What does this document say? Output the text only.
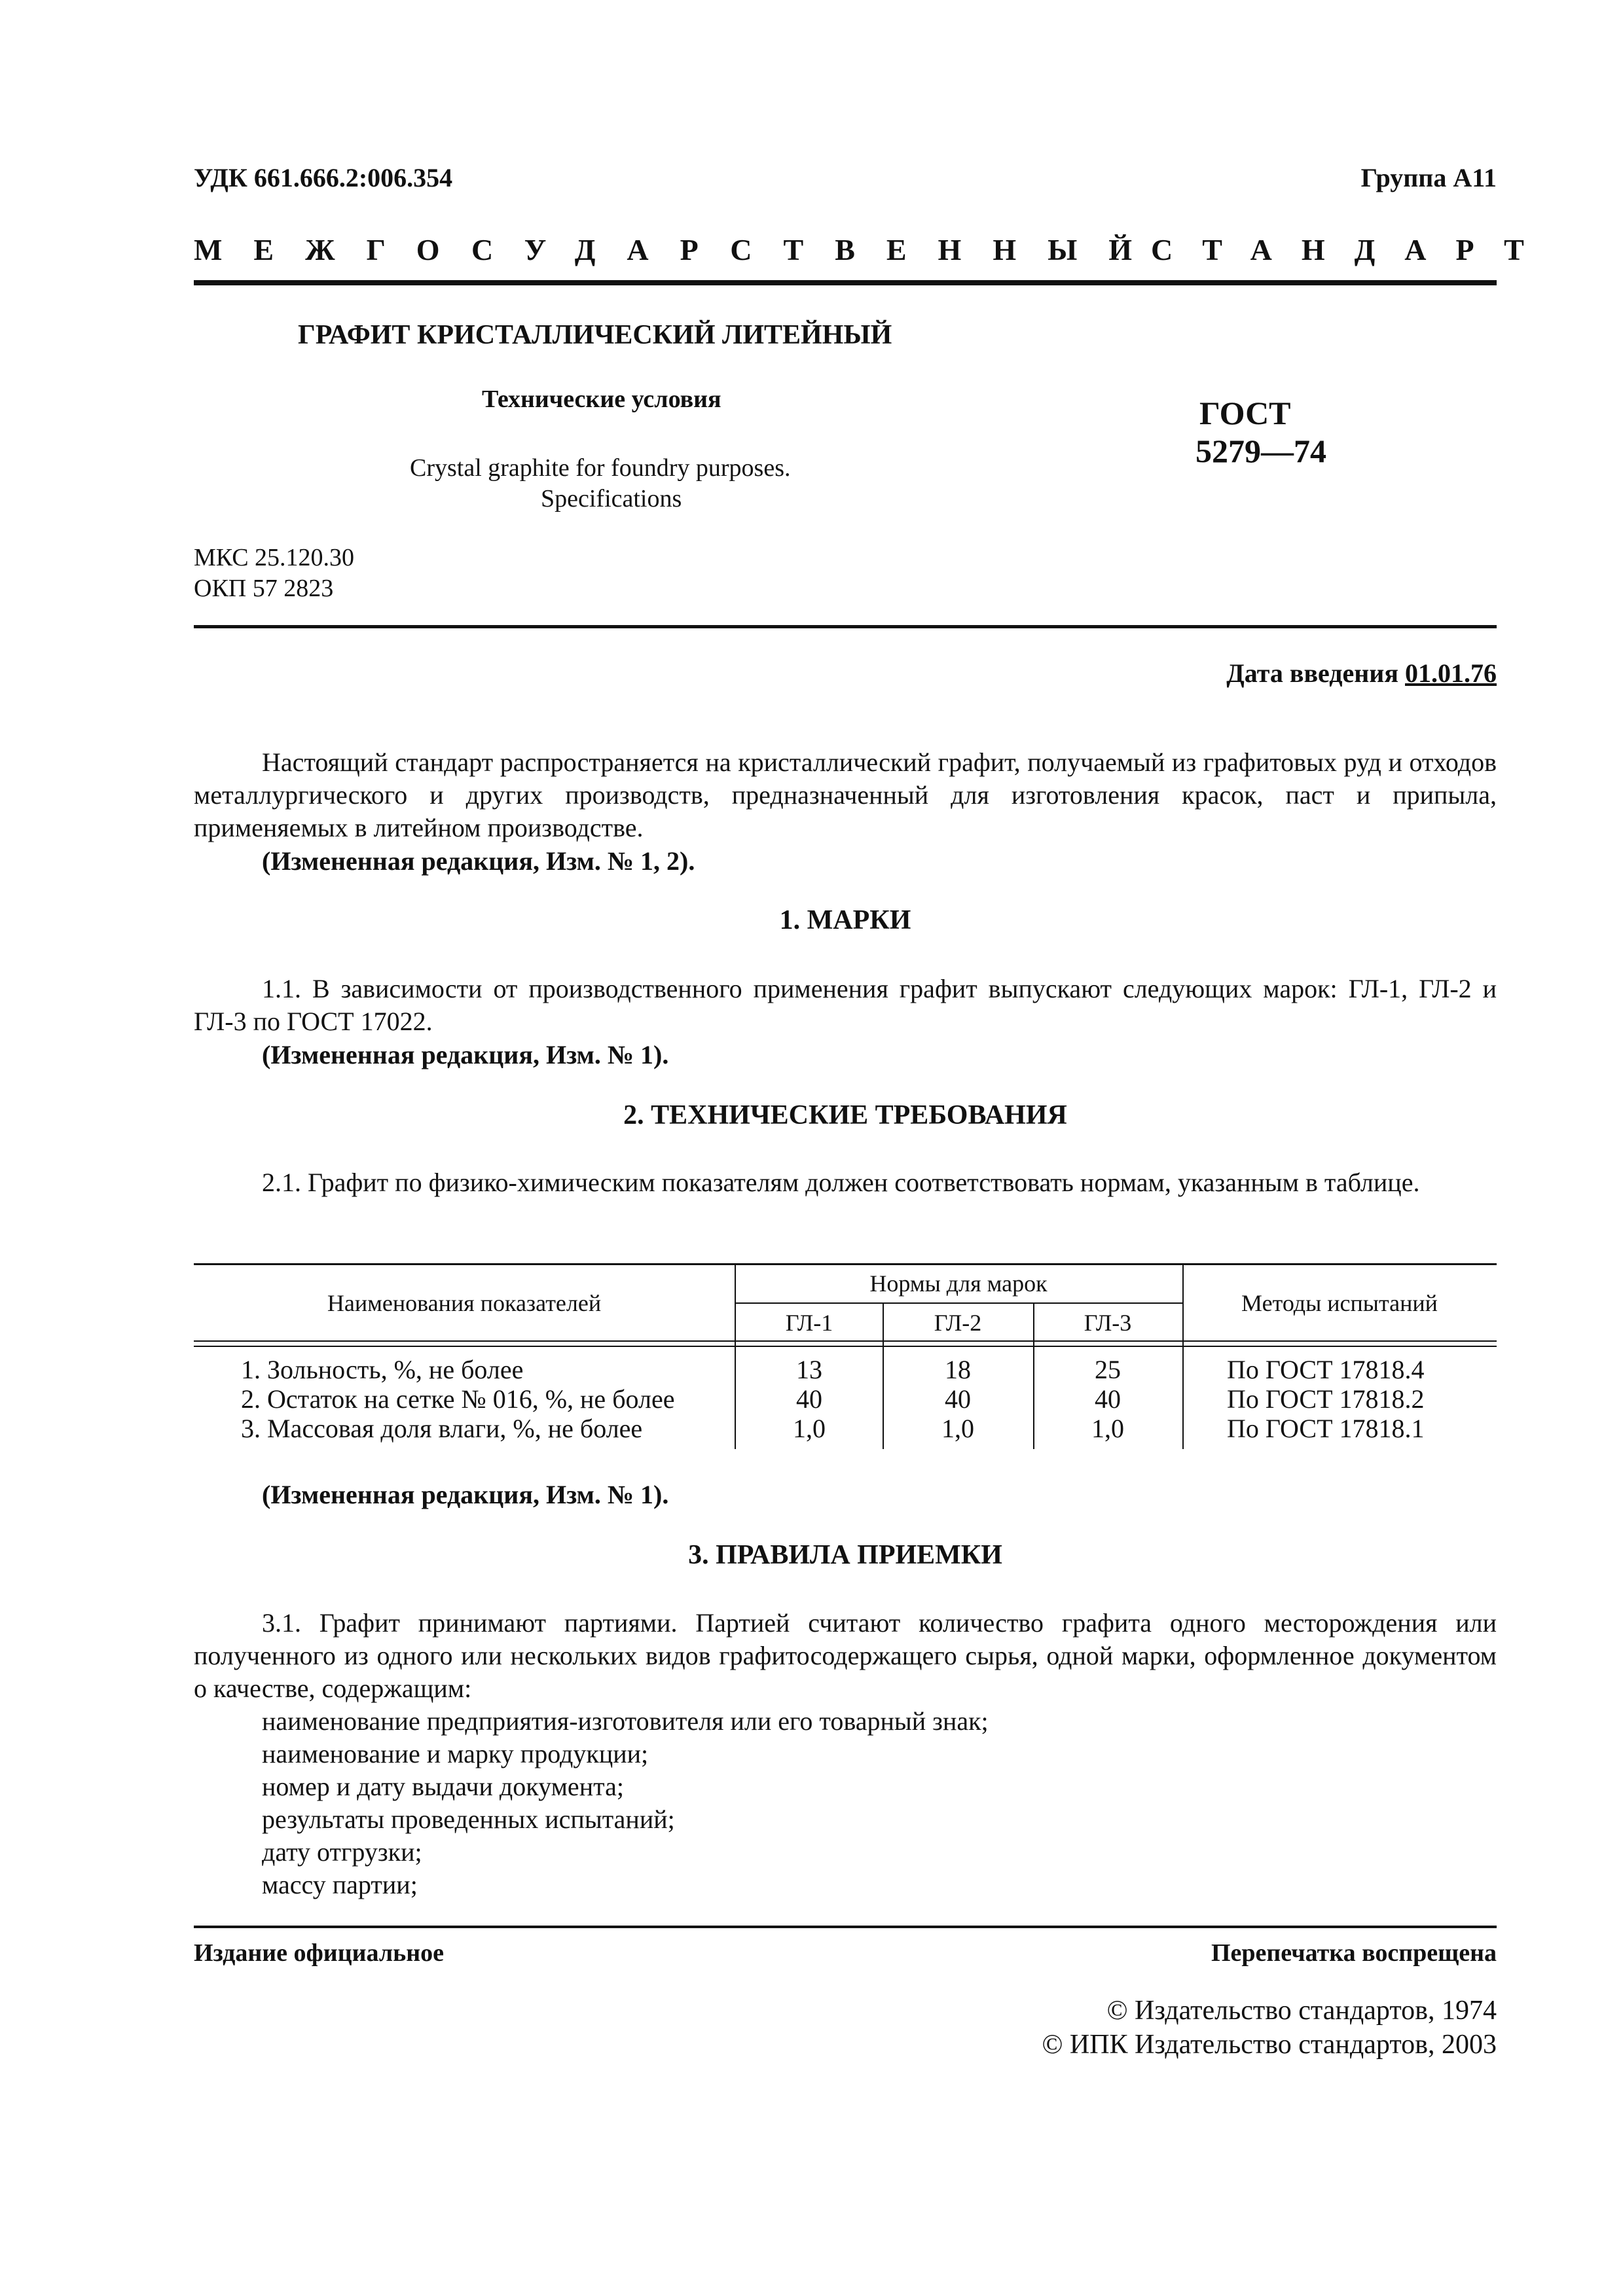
УДК 661.666.2:006.354	Группа А11
МЕЖГОСУДАРСТВЕННЫЙ
СТАНДАРТ
ГРАФИТ КРИСТАЛЛИЧЕСКИЙ ЛИТЕЙНЫЙ
Технические условия
Crystal graphite for foundry purposes.
Specifications
ГОСТ
5279—74
МКС 25.120.30
ОКП 57 2823
Дата введения 01.01.76
Настоящий стандарт распространяется на кристаллический графит, получаемый из графитовых руд и отходов металлургического и других производств, предназначенный для изготовления красок, паст и припыла, применяемых в литейном производстве.
(Измененная редакция, Изм. № 1, 2).
1. МАРКИ
1.1. В зависимости от производственного применения графит выпускают следующих марок: ГЛ-1, ГЛ-2 и ГЛ-3 по ГОСТ 17022.
(Измененная редакция, Изм. № 1).
2. ТЕХНИЧЕСКИЕ ТРЕБОВАНИЯ
2.1. Графит по физико-химическим показателям должен соответствовать нормам, указанным в таблице.
Наименования показателей
Нормы для марок
ГЛ-1	ГЛ-2	ГЛ-3
Методы испытаний
1. Зольность, %, не более	13	18	25	По ГОСТ 17818.4
2. Остаток на сетке № 016, %, не более	40	40	40	По ГОСТ 17818.2
3. Массовая доля влаги, %, не более	1,0	1,0	1,0	По ГОСТ 17818.1
(Измененная редакция, Изм. № 1).
3. ПРАВИЛА ПРИЕМКИ
3.1. Графит принимают партиями. Партией считают количество графита одного месторождения или полученного из одного или нескольких видов графитосодержащего сырья, одной марки, оформленное документом о качестве, содержащим:
наименование предприятия-изготовителя или его товарный знак;
наименование и марку продукции;
номер и дату выдачи документа;
результаты проведенных испытаний;
дату отгрузки;
массу партии;
Издание официальное	Перепечатка воспрещена
© Издательство стандартов, 1974
© ИПК Издательство стандартов, 2003
